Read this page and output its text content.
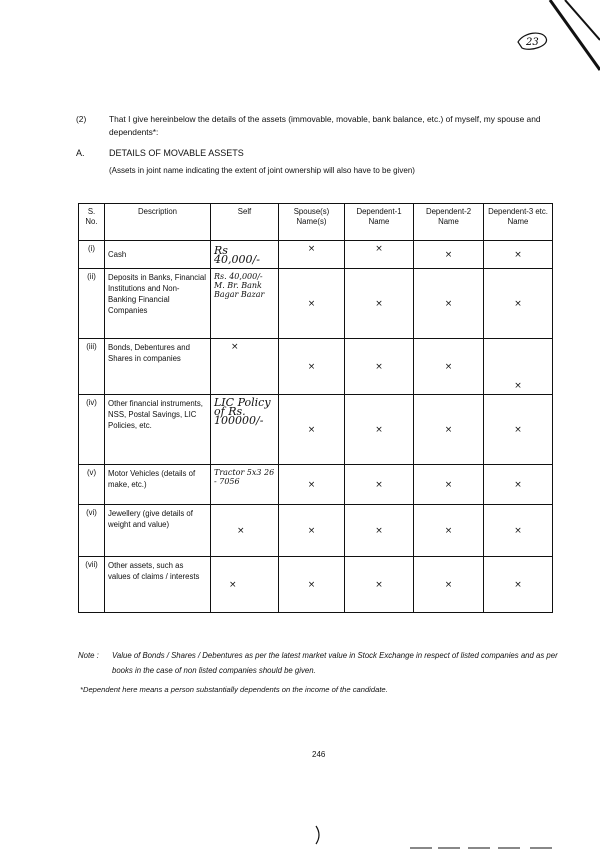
23
(2)	That I give hereinbelow the details of the assets (immovable, movable, bank balance, etc.) of myself, my spouse and dependents*:
A.	DETAILS OF MOVABLE ASSETS
(Assets in joint name indicating the extent of joint ownership will also have to be given)
S. No.	Description	Self	Spouse(s) Name(s)	Dependent-1 Name	Dependent-2 Name	Dependent-3 etc. Name
(i)	Cash	Rs 40,000/-	×	×	×	×
(ii)	Deposits in Banks, Financial Institutions and Non-Banking Financial Companies	Rs. 40,000/- M. Br. Bank Bagar Bazar	×	×	×	×
(iii)	Bonds, Debentures and Shares in companies	×	×	×	×	×
(iv)	Other financial instruments, NSS, Postal Savings, LIC Policies, etc.	LIC Policy of Rs. 100000/-	×	×	×	×
(v)	Motor Vehicles (details of make, etc.)	Tractor 5x3 26 - 7056	×	×	×	×
(vi)	Jewellery (give details of weight and value)	×	×	×	×	×
(vii)	Other assets, such as values of claims / interests	×	×	×	×	×
Note : Value of Bonds / Shares / Debentures as per the latest market value in Stock Exchange in respect of listed companies and as per books in the case of non listed companies should be given.
*Dependent here means a person substantially dependents on the income of the candidate.
246
